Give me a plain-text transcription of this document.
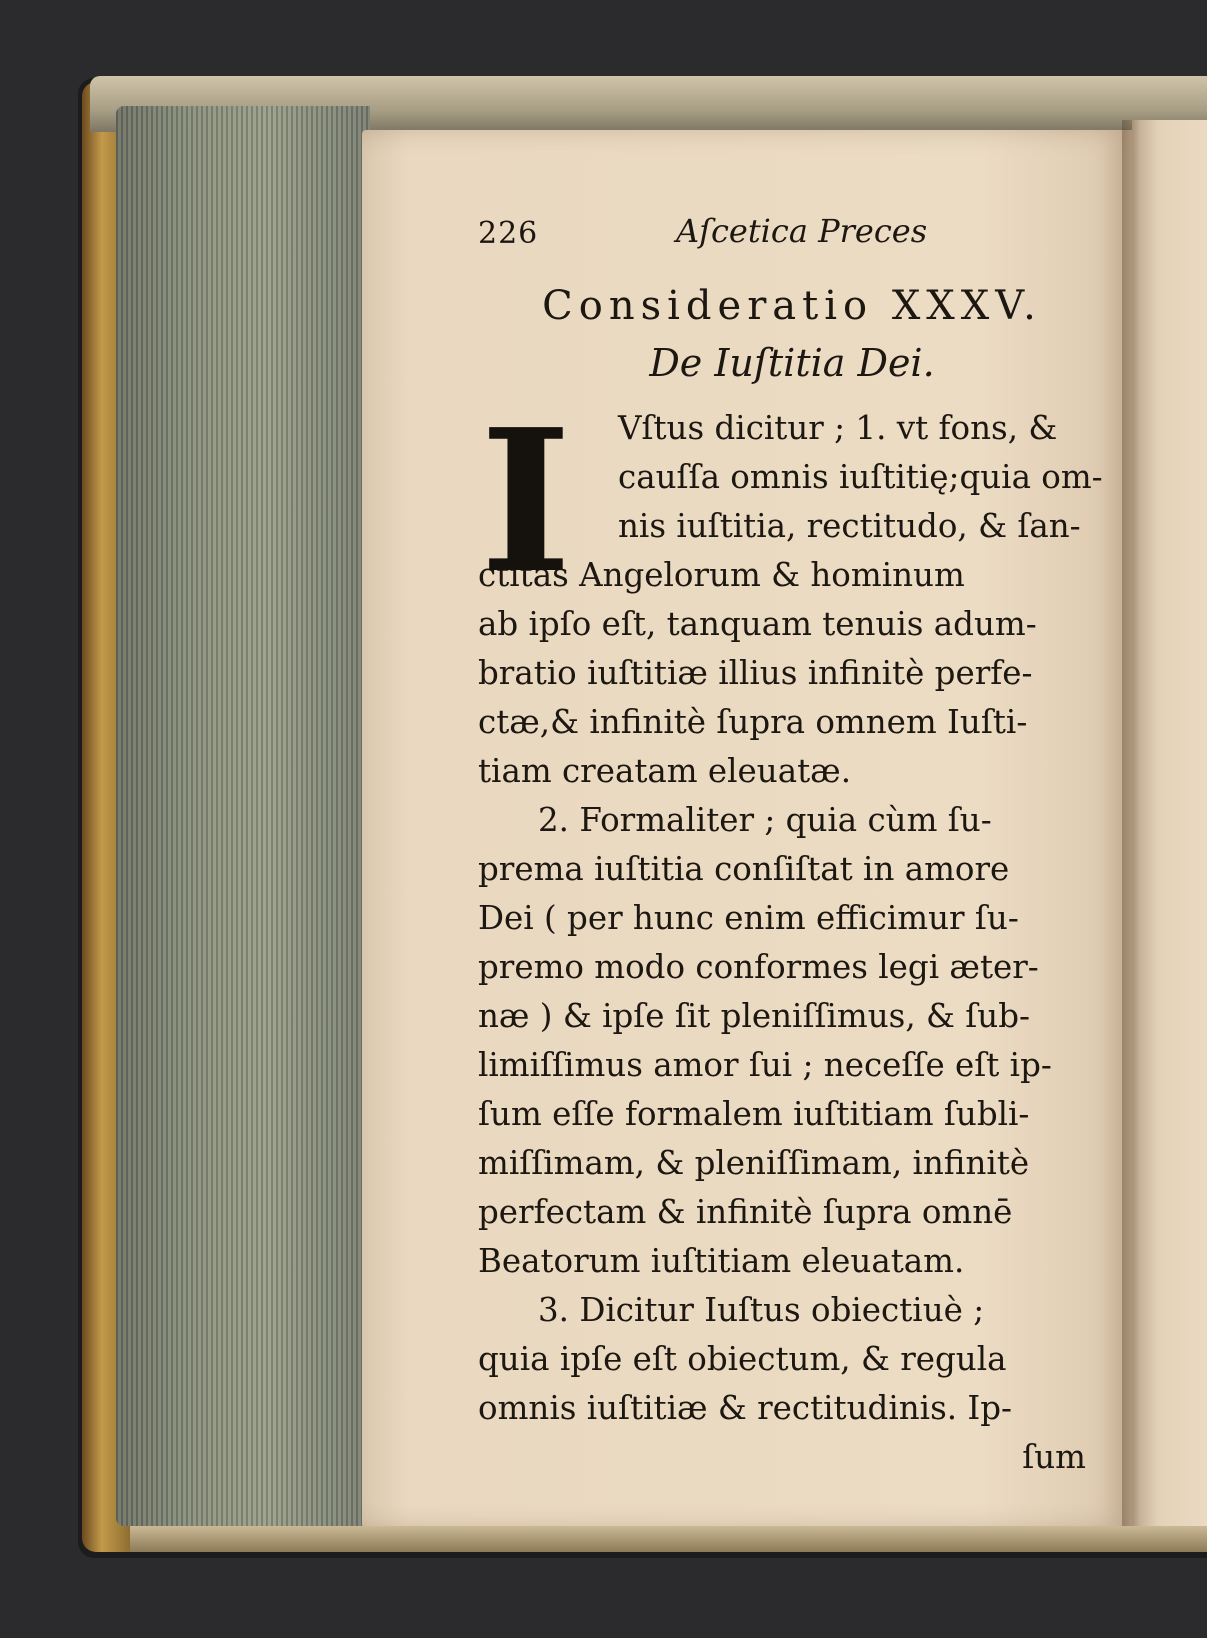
226	Aſcetica Preces
Consideratio XXXV.
De Iuſtitia Dei.
I	Vſtus dicitur ; 1. vt fons, &
cauſſa omnis iuſtitię;quia om-
nis iuſtitia, rectitudo, & ſan-
ctitas Angelorum & hominum
ab ipſo eſt, tanquam tenuis adum-
bratio iuſtitiæ illius infinitè perfe-
ctæ,& infinitè ſupra omnem Iuſti-
tiam creatam eleuatæ.
2. Formaliter ; quia cùm ſu-
prema iuſtitia conſiſtat in amore
Dei ( per hunc enim efficimur ſu-
premo modo conformes legi æter-
næ ) & ipſe ſit pleniſſimus, & ſub-
limiſſimus amor ſui ; neceſſe eſt ip-
ſum eſſe formalem iuſtitiam ſubli-
miſſimam, & pleniſſimam, infinitè
perfectam & infinitè ſupra omnē
Beatorum iuſtitiam eleuatam.
3. Dicitur Iuſtus obiectiuè ;
quia ipſe eſt obiectum, & regula
omnis iuſtitiæ & rectitudinis. Ip-
ſum
